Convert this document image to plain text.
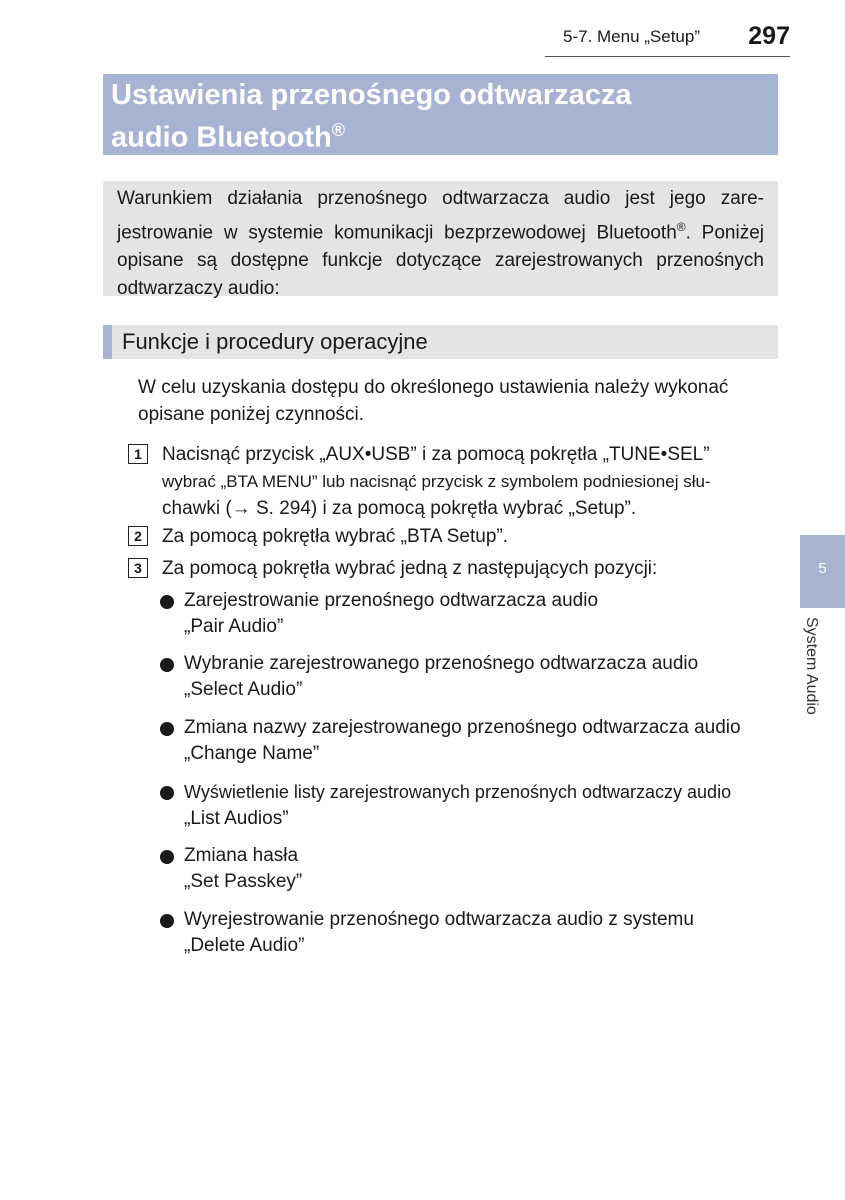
5-7. Menu „Setup” 297
Ustawienia przenośnego odtwarzacza
audio Bluetooth®
Warunkiem działania przenośnego odtwarzacza audio jest jego zare-jestrowanie w systemie komunikacji bezprzewodowej Bluetooth®. Poniżej opisane są dostępne funkcje dotyczące zarejestrowanych przenośnych odtwarzaczy audio:
Funkcje i procedury operacyjne
W celu uzyskania dostępu do określonego ustawienia należy wykonać opisane poniżej czynności.
1	Nacisnąć przycisk „AUX•USB” i za pomocą pokrętła „TUNE•SEL”
wybrać „BTA MENU” lub nacisnąć przycisk z symbolem podniesionej słu-
chawki (→ S. 294) i za pomocą pokrętła wybrać „Setup”.
2	Za pomocą pokrętła wybrać „BTA Setup”.
3	Za pomocą pokrętła wybrać jedną z następujących pozycji:
Zarejestrowanie przenośnego odtwarzacza audio
„Pair Audio”
Wybranie zarejestrowanego przenośnego odtwarzacza audio
„Select Audio”
Zmiana nazwy zarejestrowanego przenośnego odtwarzacza audio
„Change Name”
Wyświetlenie listy zarejestrowanych przenośnych odtwarzaczy audio
„List Audios”
Zmiana hasła
„Set Passkey”
Wyrejestrowanie przenośnego odtwarzacza audio z systemu
„Delete Audio”
5
System Audio
